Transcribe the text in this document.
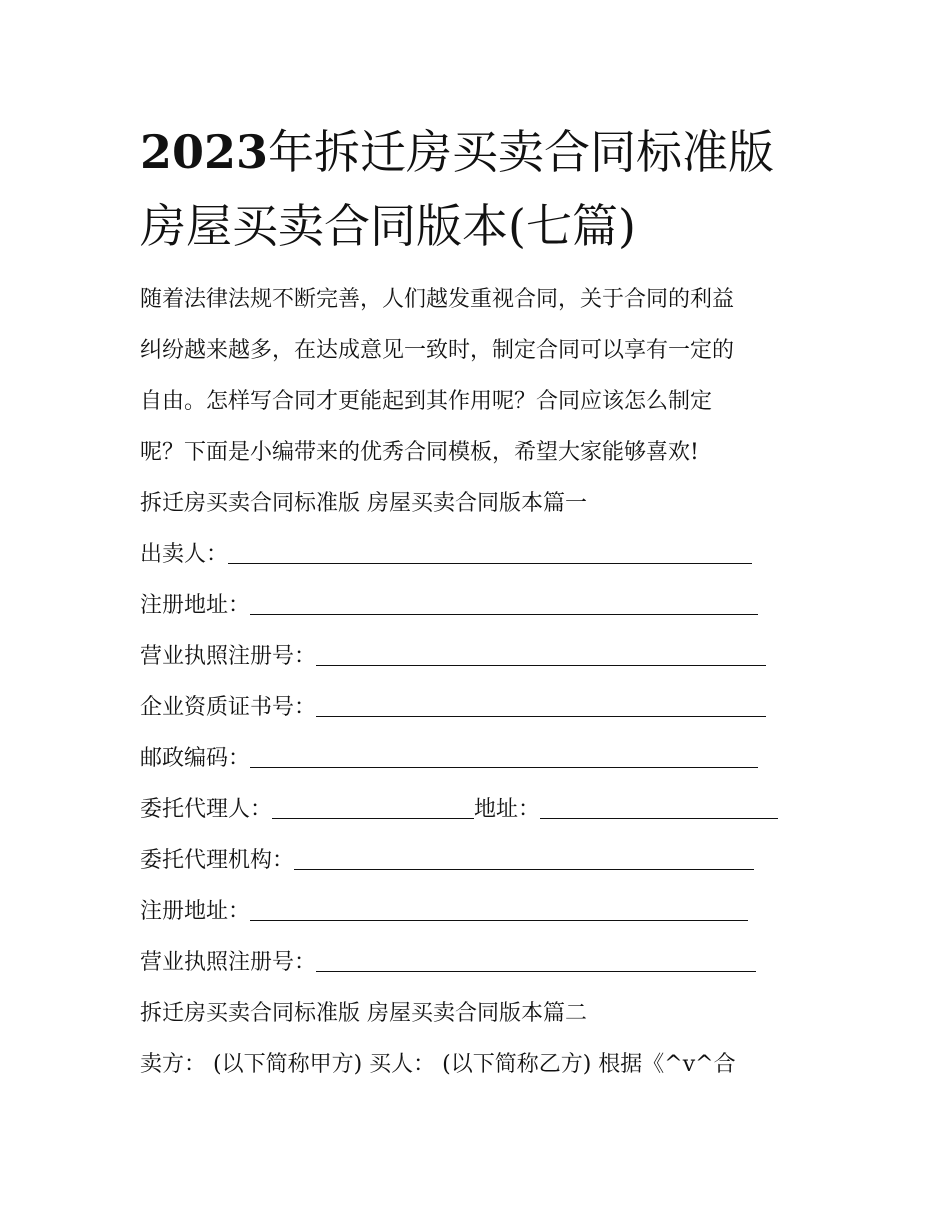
2023年拆迁房买卖合同标准版
房屋买卖合同版本(七篇)
随着法律法规不断完善，人们越发重视合同，关于合同的利益
纠纷越来越多，在达成意见一致时，制定合同可以享有一定的
自由。怎样写合同才更能起到其作用呢？合同应该怎么制定
呢？下面是小编带来的优秀合同模板，希望大家能够喜欢!
拆迁房买卖合同标准版 房屋买卖合同版本篇一
出卖人：
注册地址：
营业执照注册号：
企业资质证书号：
邮政编码：
委托代理人：	地址：
委托代理机构：
注册地址：
营业执照注册号：
拆迁房买卖合同标准版 房屋买卖合同版本篇二
卖方： (以下简称甲方) 买人： (以下简称乙方) 根据《^v^合
